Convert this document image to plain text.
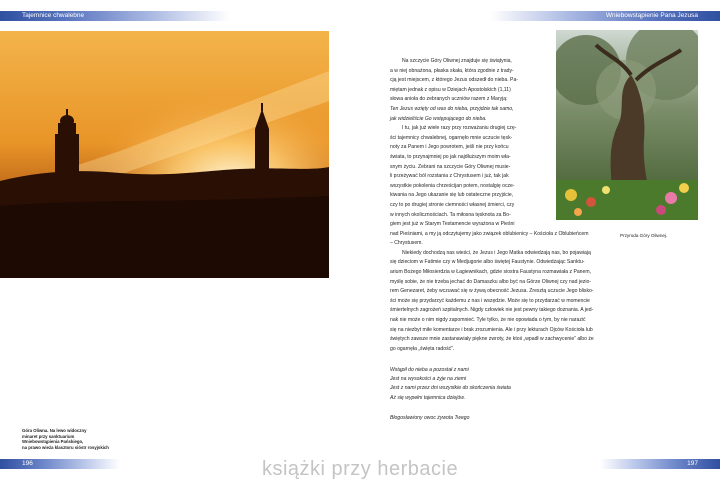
Tajemnice chwalebne	Wniebowstąpienie Pana Jezusa
Góra Oliwna. Na lewo widoczny
minaret przy sanktuarium
Wniebowstąpienia Pańskiego,
na prawo wieża klasztoru sióstr rosyjskich
Przyroda Góry Oliwnej.
Na szczycie Góry Oliwnej znajduje się świątynia,
a w niej obnażona, płaska skała, która zgodnie z trady-
cją jest miejscem, z którego Jezus odszedł do nieba. Pa-
miętam jednak z opisu w Dziejach Apostolskich (1,11)
słowa anioła do zebranych uczniów razem z Maryją:
Ten Jezus wzięty od was do nieba, przyjdzie tak samo,
jak widzieliście Go wstępującego do nieba.
I tu, jak już wiele razy przy rozważaniu drugiej czę-
ści tajemnicy chwalebnej, ogarnęło mnie uczucie tęsk-
noty za Panem i Jego powrotem, jeśli nie przy końcu
świata, to przynajmniej po jak najdłuższym moim wła-
snym życiu. Zebrani na szczycie Góry Oliwnej musie-
li przeżywać ból rozstania z Chrystusem i już, tak jak
wszystkie pokolenia chrześcijan potem, nostalgię ocze-
kiwania na Jego ukazanie się lub ostateczne przyjście,
czy to po drugiej stronie ciemności własnej śmierci, czy
w innych okolicznościach. Ta miłosna tęsknota za Bo-
giem jest już w Starym Testamencie wyrażona w Pieśni
nad Pieśniami, a my ją odczytujemy jako związek oblubienicy – Kościoła z Oblubieńcem
– Chrystusem.
Niekiedy dochodzą nas wieści, że Jezus i Jego Matka odwiedzają nas, bo pojawiają
się dzieciom w Fatimie czy w Medjugorie albo świętej Faustynie. Odwiedzając Sanktu-
arium Bożego Miłosierdzia w Łagiewnikach, gdzie siostra Faustyna rozmawiała z Panem,
myślę sobie, że nie trzeba jechać do Damaszku albo być na Górze Oliwnej czy nad jezio-
rem Genezaret, żeby wczuwać się w żywą obecność Jezusa. Zresztą uczucie Jego blisko-
ści może się przydarzyć każdemu z nas i wszędzie. Może się to przydarzać w momencie
śmiertelnych zagrożeń szpitalnych. Nigdy człowiek nie jest pewny takiego doznania. A jed-
nak nie może o nim nigdy zapomnieć. Tyle tylko, że nie opowiada o tym, by nie narazić
się na niezbyt miłe komentarze i brak zrozumienia. Ale i przy lekturach Ojców Kościoła lub
świętych zawsze mnie zastanawiały piękne zwroty, że ktoś „wpadł w zachwycenie” albo że
go ogarnęła „święta radość”.
Wstąpił do nieba a pozostał z nami
Jest na wysokości a żyje na ziemi
Jest z nami przez dni wszystkie do skończenia świata
Aż się wypełni tajemnica dziejów.
Błogosławiony owoc żywota Twego
196	197
książki przy herbacie
